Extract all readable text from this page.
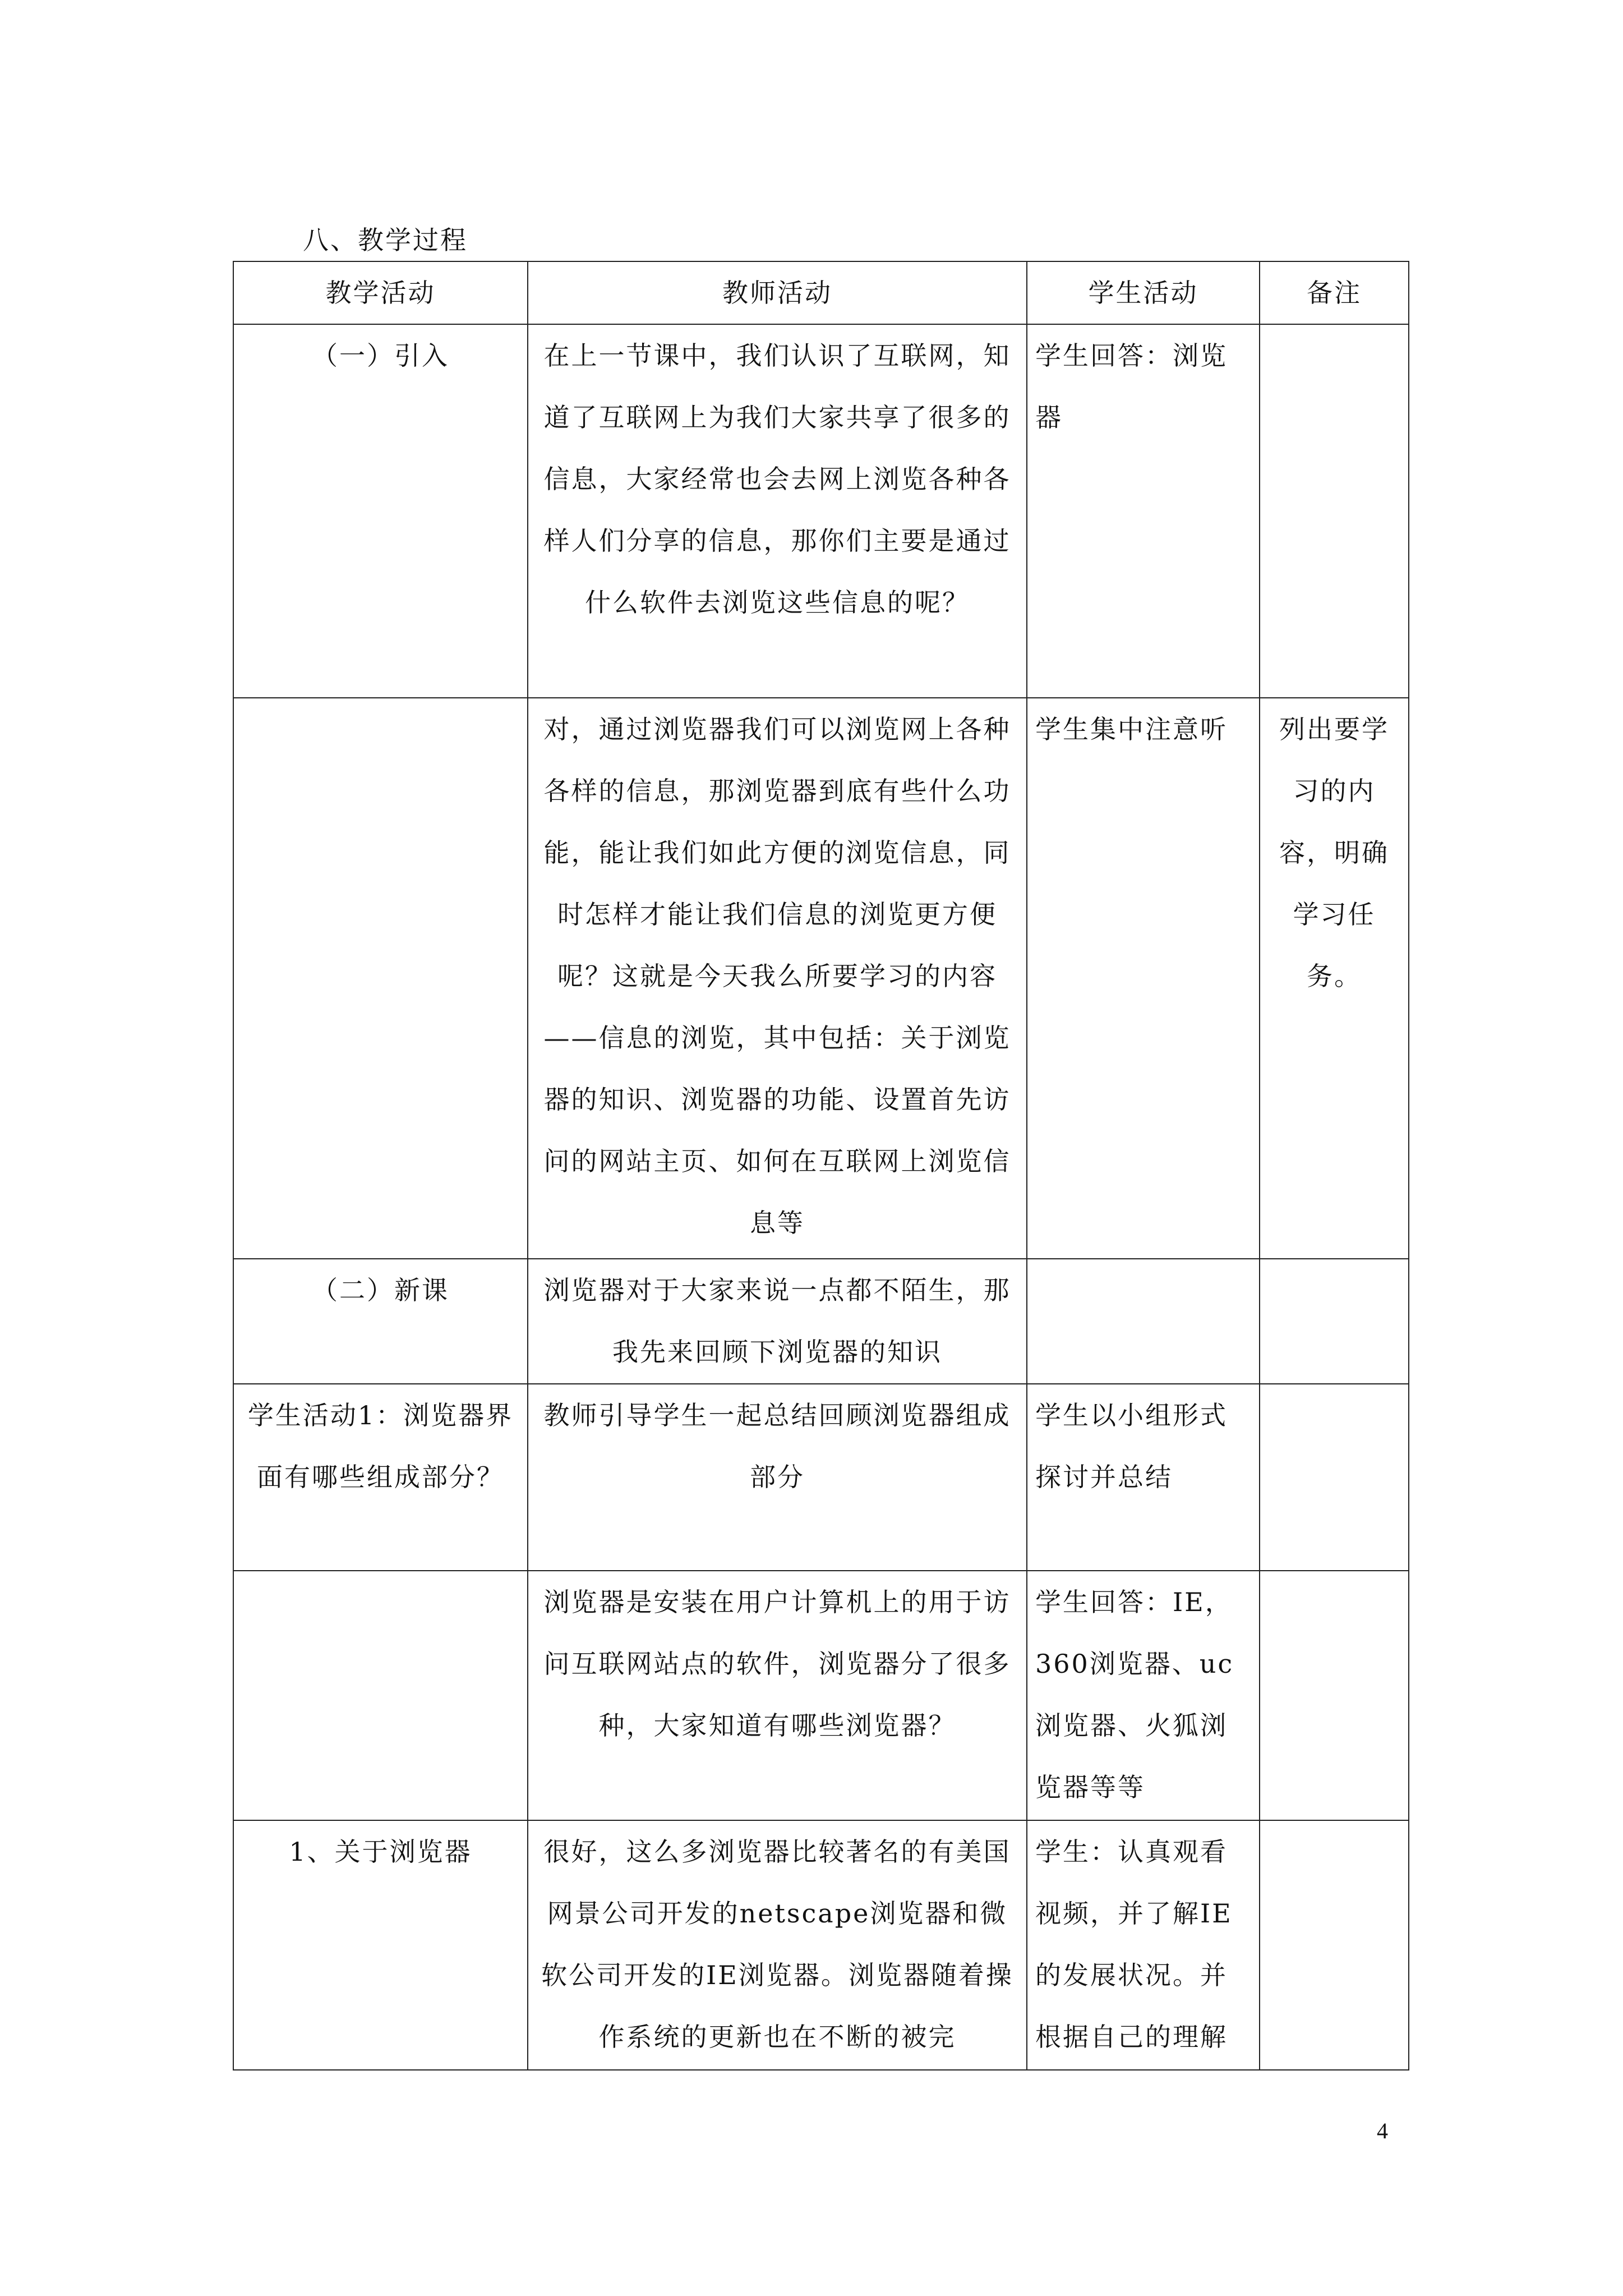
八、教学过程
教学活动	教师活动	学生活动	备注
（一）引入	在上一节课中，我们认识了互联网，知道了互联网上为我们大家共享了很多的信息，大家经常也会去网上浏览各种各样人们分享的信息，那你们主要是通过什么软件去浏览这些信息的呢？	学生回答：浏览器	
	对，通过浏览器我们可以浏览网上各种各样的信息，那浏览器到底有些什么功能，能让我们如此方便的浏览信息，同时怎样才能让我们信息的浏览更方便呢？这就是今天我么所要学习的内容——信息的浏览，其中包括：关于浏览器的知识、浏览器的功能、设置首先访问的网站主页、如何在互联网上浏览信息等	学生集中注意听	列出要学习的内容，明确学习任务。
（二）新课	浏览器对于大家来说一点都不陌生，那我先来回顾下浏览器的知识		
学生活动1：浏览器界面有哪些组成部分？	教师引导学生一起总结回顾浏览器组成部分	学生以小组形式探讨并总结	
	浏览器是安装在用户计算机上的用于访问互联网站点的软件，浏览器分了很多种，大家知道有哪些浏览器？	学生回答：IE，360浏览器、uc浏览器、火狐浏览器等等	
1、关于浏览器	很好，这么多浏览器比较著名的有美国网景公司开发的netscape浏览器和微软公司开发的IE浏览器。浏览器随着操作系统的更新也在不断的被完	学生：认真观看视频，并了解IE的发展状况。并根据自己的理解	
4
